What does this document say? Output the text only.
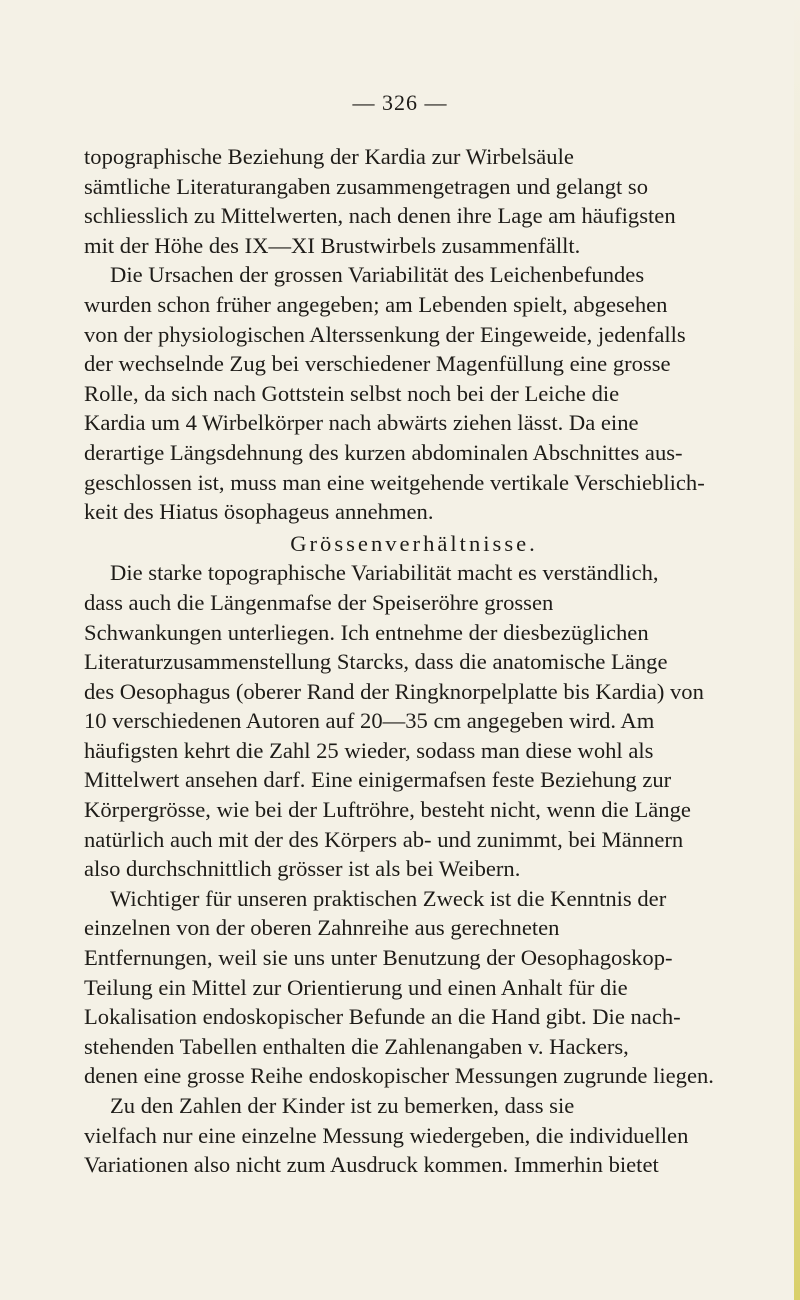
— 326 —

topographische Beziehung der Kardia zur Wirbelsäule
sämtliche Literaturangaben zusammengetragen und gelangt so
schliesslich zu Mittelwerten, nach denen ihre Lage am häufigsten
mit der Höhe des IX—XI Brustwirbels zusammenfällt.

Die Ursachen der grossen Variabilität des Leichenbefundes
wurden schon früher angegeben; am Lebenden spielt, abgesehen
von der physiologischen Alterssenkung der Eingeweide, jedenfalls
der wechselnde Zug bei verschiedener Magenfüllung eine grosse
Rolle, da sich nach Gottstein selbst noch bei der Leiche die
Kardia um 4 Wirbelkörper nach abwärts ziehen lässt. Da eine
derartige Längsdehnung des kurzen abdominalen Abschnittes aus-
geschlossen ist, muss man eine weitgehende vertikale Verschieblich-
keit des Hiatus ösophageus annehmen.

Grössenverhältnisse.

Die starke topographische Variabilität macht es verständlich,
dass auch die Längenmafse der Speiseröhre grossen
Schwankungen unterliegen. Ich entnehme der diesbezüglichen
Literaturzusammenstellung Starcks, dass die anatomische Länge
des Oesophagus (oberer Rand der Ringknorpelplatte bis Kardia) von
10 verschiedenen Autoren auf 20—35 cm angegeben wird. Am
häufigsten kehrt die Zahl 25 wieder, sodass man diese wohl als
Mittelwert ansehen darf. Eine einigermafsen feste Beziehung zur
Körpergrösse, wie bei der Luftröhre, besteht nicht, wenn die Länge
natürlich auch mit der des Körpers ab- und zunimmt, bei Männern
also durchschnittlich grösser ist als bei Weibern.

Wichtiger für unseren praktischen Zweck ist die Kenntnis der
einzelnen von der oberen Zahnreihe aus gerechneten
Entfernungen, weil sie uns unter Benutzung der Oesophagoskop-
Teilung ein Mittel zur Orientierung und einen Anhalt für die
Lokalisation endoskopischer Befunde an die Hand gibt. Die nach-
stehenden Tabellen enthalten die Zahlenangaben v. Hackers,
denen eine grosse Reihe endoskopischer Messungen zugrunde liegen.

Zu den Zahlen der Kinder ist zu bemerken, dass sie
vielfach nur eine einzelne Messung wiedergeben, die individuellen
Variationen also nicht zum Ausdruck kommen. Immerhin bietet
